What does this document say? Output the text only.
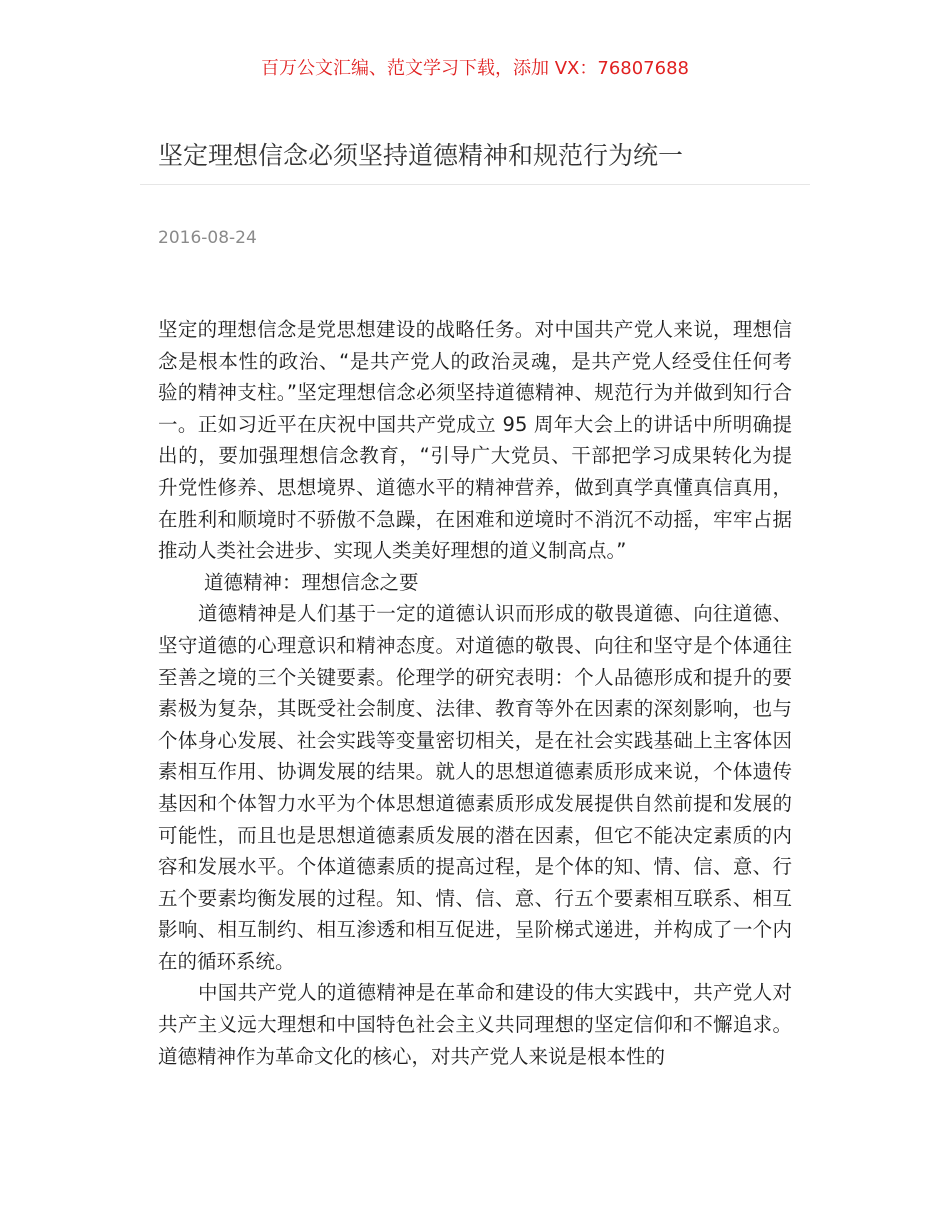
百万公文汇编、范文学习下载，添加 VX：76807688
坚定理想信念必须坚持道德精神和规范行为统一
2016-08-24

坚定的理想信念是党思想建设的战略任务。对中国共产党人来说，理想信念是根本性的政治、“是共产党人的政治灵魂，是共产党人经受住任何考验的精神支柱。”坚定理想信念必须坚持道德精神、规范行为并做到知行合一。正如习近平在庆祝中国共产党成立 95 周年大会上的讲话中所明确提出的，要加强理想信念教育，“引导广大党员、干部把学习成果转化为提升党性修养、思想境界、道德水平的精神营养，做到真学真懂真信真用，在胜利和顺境时不骄傲不急躁，在困难和逆境时不消沉不动摇，牢牢占据推动人类社会进步、实现人类美好理想的道义制高点。”

道德精神：理想信念之要

道德精神是人们基于一定的道德认识而形成的敬畏道德、向往道德、坚守道德的心理意识和精神态度。对道德的敬畏、向往和坚守是个体通往至善之境的三个关键要素。伦理学的研究表明：个人品德形成和提升的要素极为复杂，其既受社会制度、法律、教育等外在因素的深刻影响，也与个体身心发展、社会实践等变量密切相关，是在社会实践基础上主客体因素相互作用、协调发展的结果。就人的思想道德素质形成来说，个体遗传基因和个体智力水平为个体思想道德素质形成发展提供自然前提和发展的可能性，而且也是思想道德素质发展的潜在因素，但它不能决定素质的内容和发展水平。个体道德素质的提高过程，是个体的知、情、信、意、行五个要素均衡发展的过程。知、情、信、意、行五个要素相互联系、相互影响、相互制约、相互渗透和相互促进，呈阶梯式递进，并构成了一个内在的循环系统。

中国共产党人的道德精神是在革命和建设的伟大实践中，共产党人对共产主义远大理想和中国特色社会主义共同理想的坚定信仰和不懈追求。道德精神作为革命文化的核心，对共产党人来说是根本性的
